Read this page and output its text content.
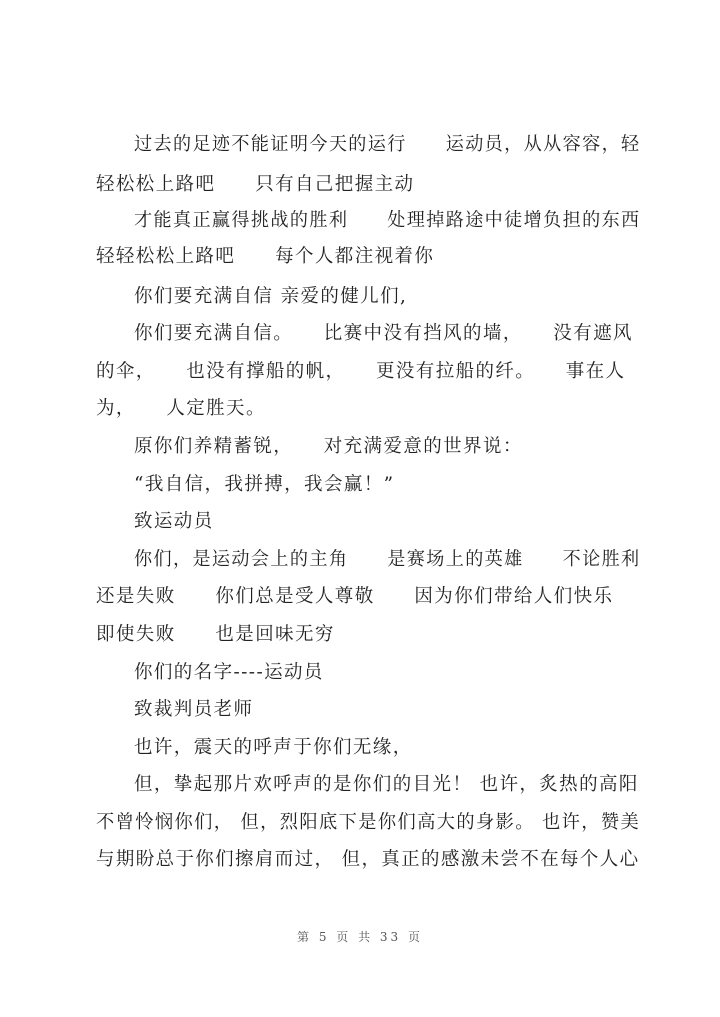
过去的足迹不能证明今天的运行　　运动员，从从容容，轻
轻松松上路吧　　只有自己把握主动
才能真正赢得挑战的胜利　　处理掉路途中徒增负担的东西
轻轻松松上路吧　　每个人都注视着你
你们要充满自信 亲爱的健儿们,
你们要充满自信。　　比赛中没有挡风的墙，　　没有遮风
的伞，　　也没有撑船的帆，　　更没有拉船的纤。　　事在人
为，　　人定胜天。
原你们养精蓄锐，　　对充满爱意的世界说：
“我自信，我拼搏，我会赢！”
致运动员
你们，是运动会上的主角　　是赛场上的英雄　　不论胜利
还是失败　　你们总是受人尊敬　　因为你们带给人们快乐
即使失败　　也是回味无穷
你们的名字----运动员
致裁判员老师
也许，震天的呼声于你们无缘，
但，挚起那片欢呼声的是你们的目光！ 也许，炙热的高阳
不曾怜悯你们， 但，烈阳底下是你们高大的身影。 也许，赞美
与期盼总于你们擦肩而过， 但，真正的感激未尝不在每个人心
第 5 页 共 33 页
